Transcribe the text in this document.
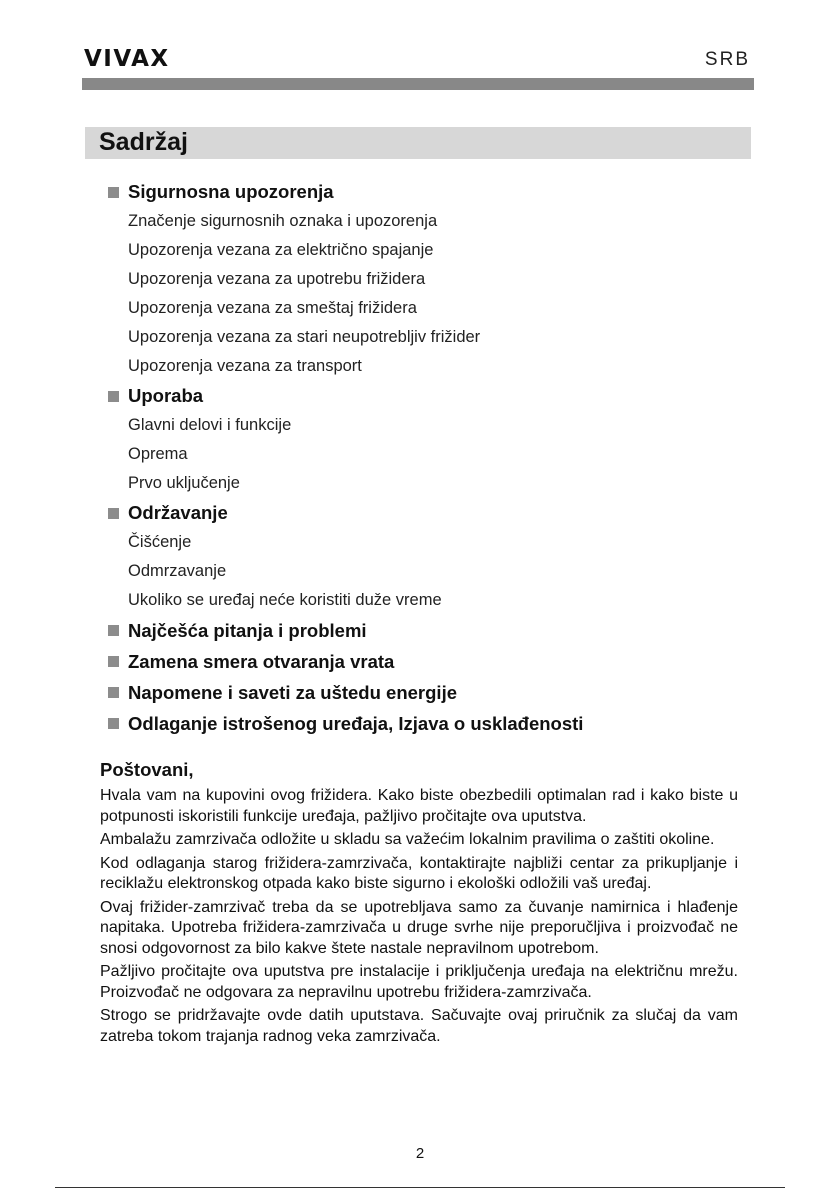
VIVAX	SRB
Sadržaj
Sigurnosna upozorenja
Značenje sigurnosnih oznaka i upozorenja
Upozorenja vezana za električno spajanje
Upozorenja vezana za upotrebu frižidera
Upozorenja vezana za smeštaj frižidera
Upozorenja vezana za stari neupotrebljiv frižider
Upozorenja vezana za transport
Uporaba
Glavni delovi i funkcije
Oprema
Prvo uključenje
Održavanje
Čišćenje
Odmrzavanje
Ukoliko se uređaj neće koristiti duže vreme
Najčešća pitanja i problemi
Zamena smera otvaranja vrata
Napomene i saveti za uštedu energije
Odlaganje istrošenog uređaja, Izjava o usklađenosti
Poštovani,

Hvala vam na kupovini ovog frižidera. Kako biste obezbedili optimalan rad i kako biste u potpunosti iskoristili funkcije uređaja, pažljivo pročitajte ova uputstva.

Ambalažu zamrzivača odložite u skladu sa važećim lokalnim pravilima o zaštiti okoline.

Kod odlaganja starog frižidera-zamrzivača, kontaktirajte najbliži centar za prikupljanje i reciklažu elektronskog otpada kako biste sigurno i ekološki odložili vaš uređaj.

Ovaj frižider-zamrzivač treba da se upotrebljava samo za čuvanje namirnica i hlađenje napitaka. Upotreba frižidera-zamrzivača u druge svrhe nije preporučljiva i proizvođač ne snosi odgovornost za bilo kakve štete nastale nepravilnom upotrebom.

Pažljivo pročitajte ova uputstva pre instalacije i priključenja uređaja na električnu mrežu. Proizvođač ne odgovara za nepravilnu upotrebu frižidera-zamrzivača.

Strogo se pridržavajte ovde datih uputstava. Sačuvajte ovaj priručnik za slučaj da vam zatreba tokom trajanja radnog veka zamrzivača.

2
